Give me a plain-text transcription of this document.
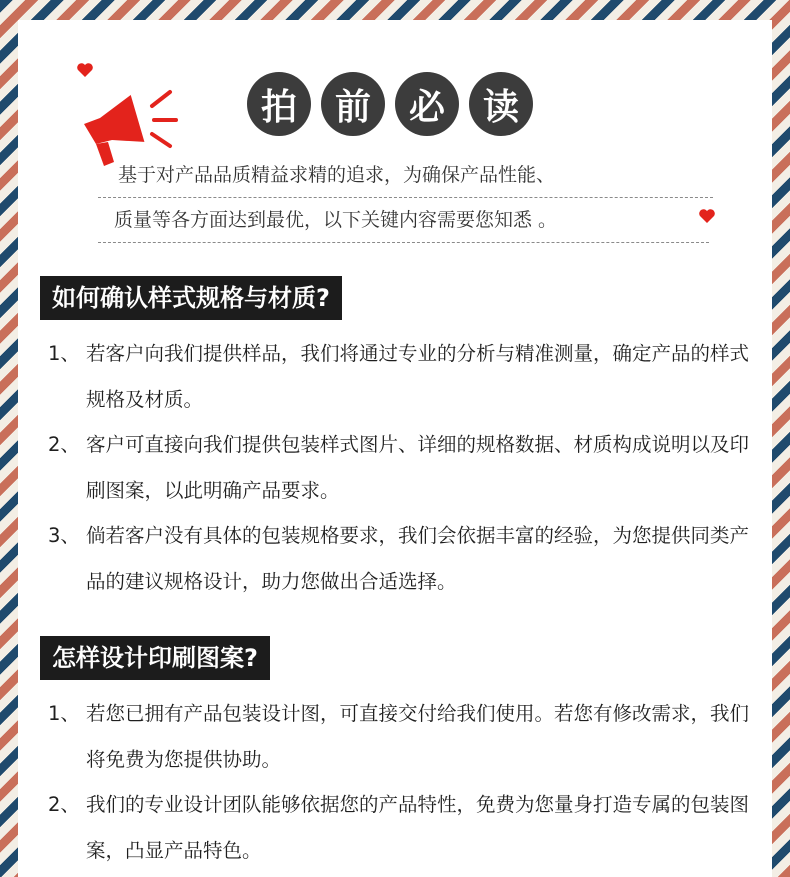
拍	前	必	读
基于对产品品质精益求精的追求，为确保产品性能、
质量等各方面达到最优，以下关键内容需要您知悉 。
如何确认样式规格与材质?
1、 若客户向我们提供样品，我们将通过专业的分析与精准测量，确定产品的样式规格及材质。
2、 客户可直接向我们提供包装样式图片、详细的规格数据、材质构成说明以及印刷图案，以此明确产品要求。
3、 倘若客户没有具体的包装规格要求，我们会依据丰富的经验，为您提供同类产品的建议规格设计，助力您做出合适选择。
怎样设计印刷图案?
1、 若您已拥有产品包装设计图，可直接交付给我们使用。若您有修改需求，我们将免费为您提供协助。
2、 我们的专业设计团队能够依据您的产品特性，免费为您量身打造专属的包装图案，凸显产品特色。
